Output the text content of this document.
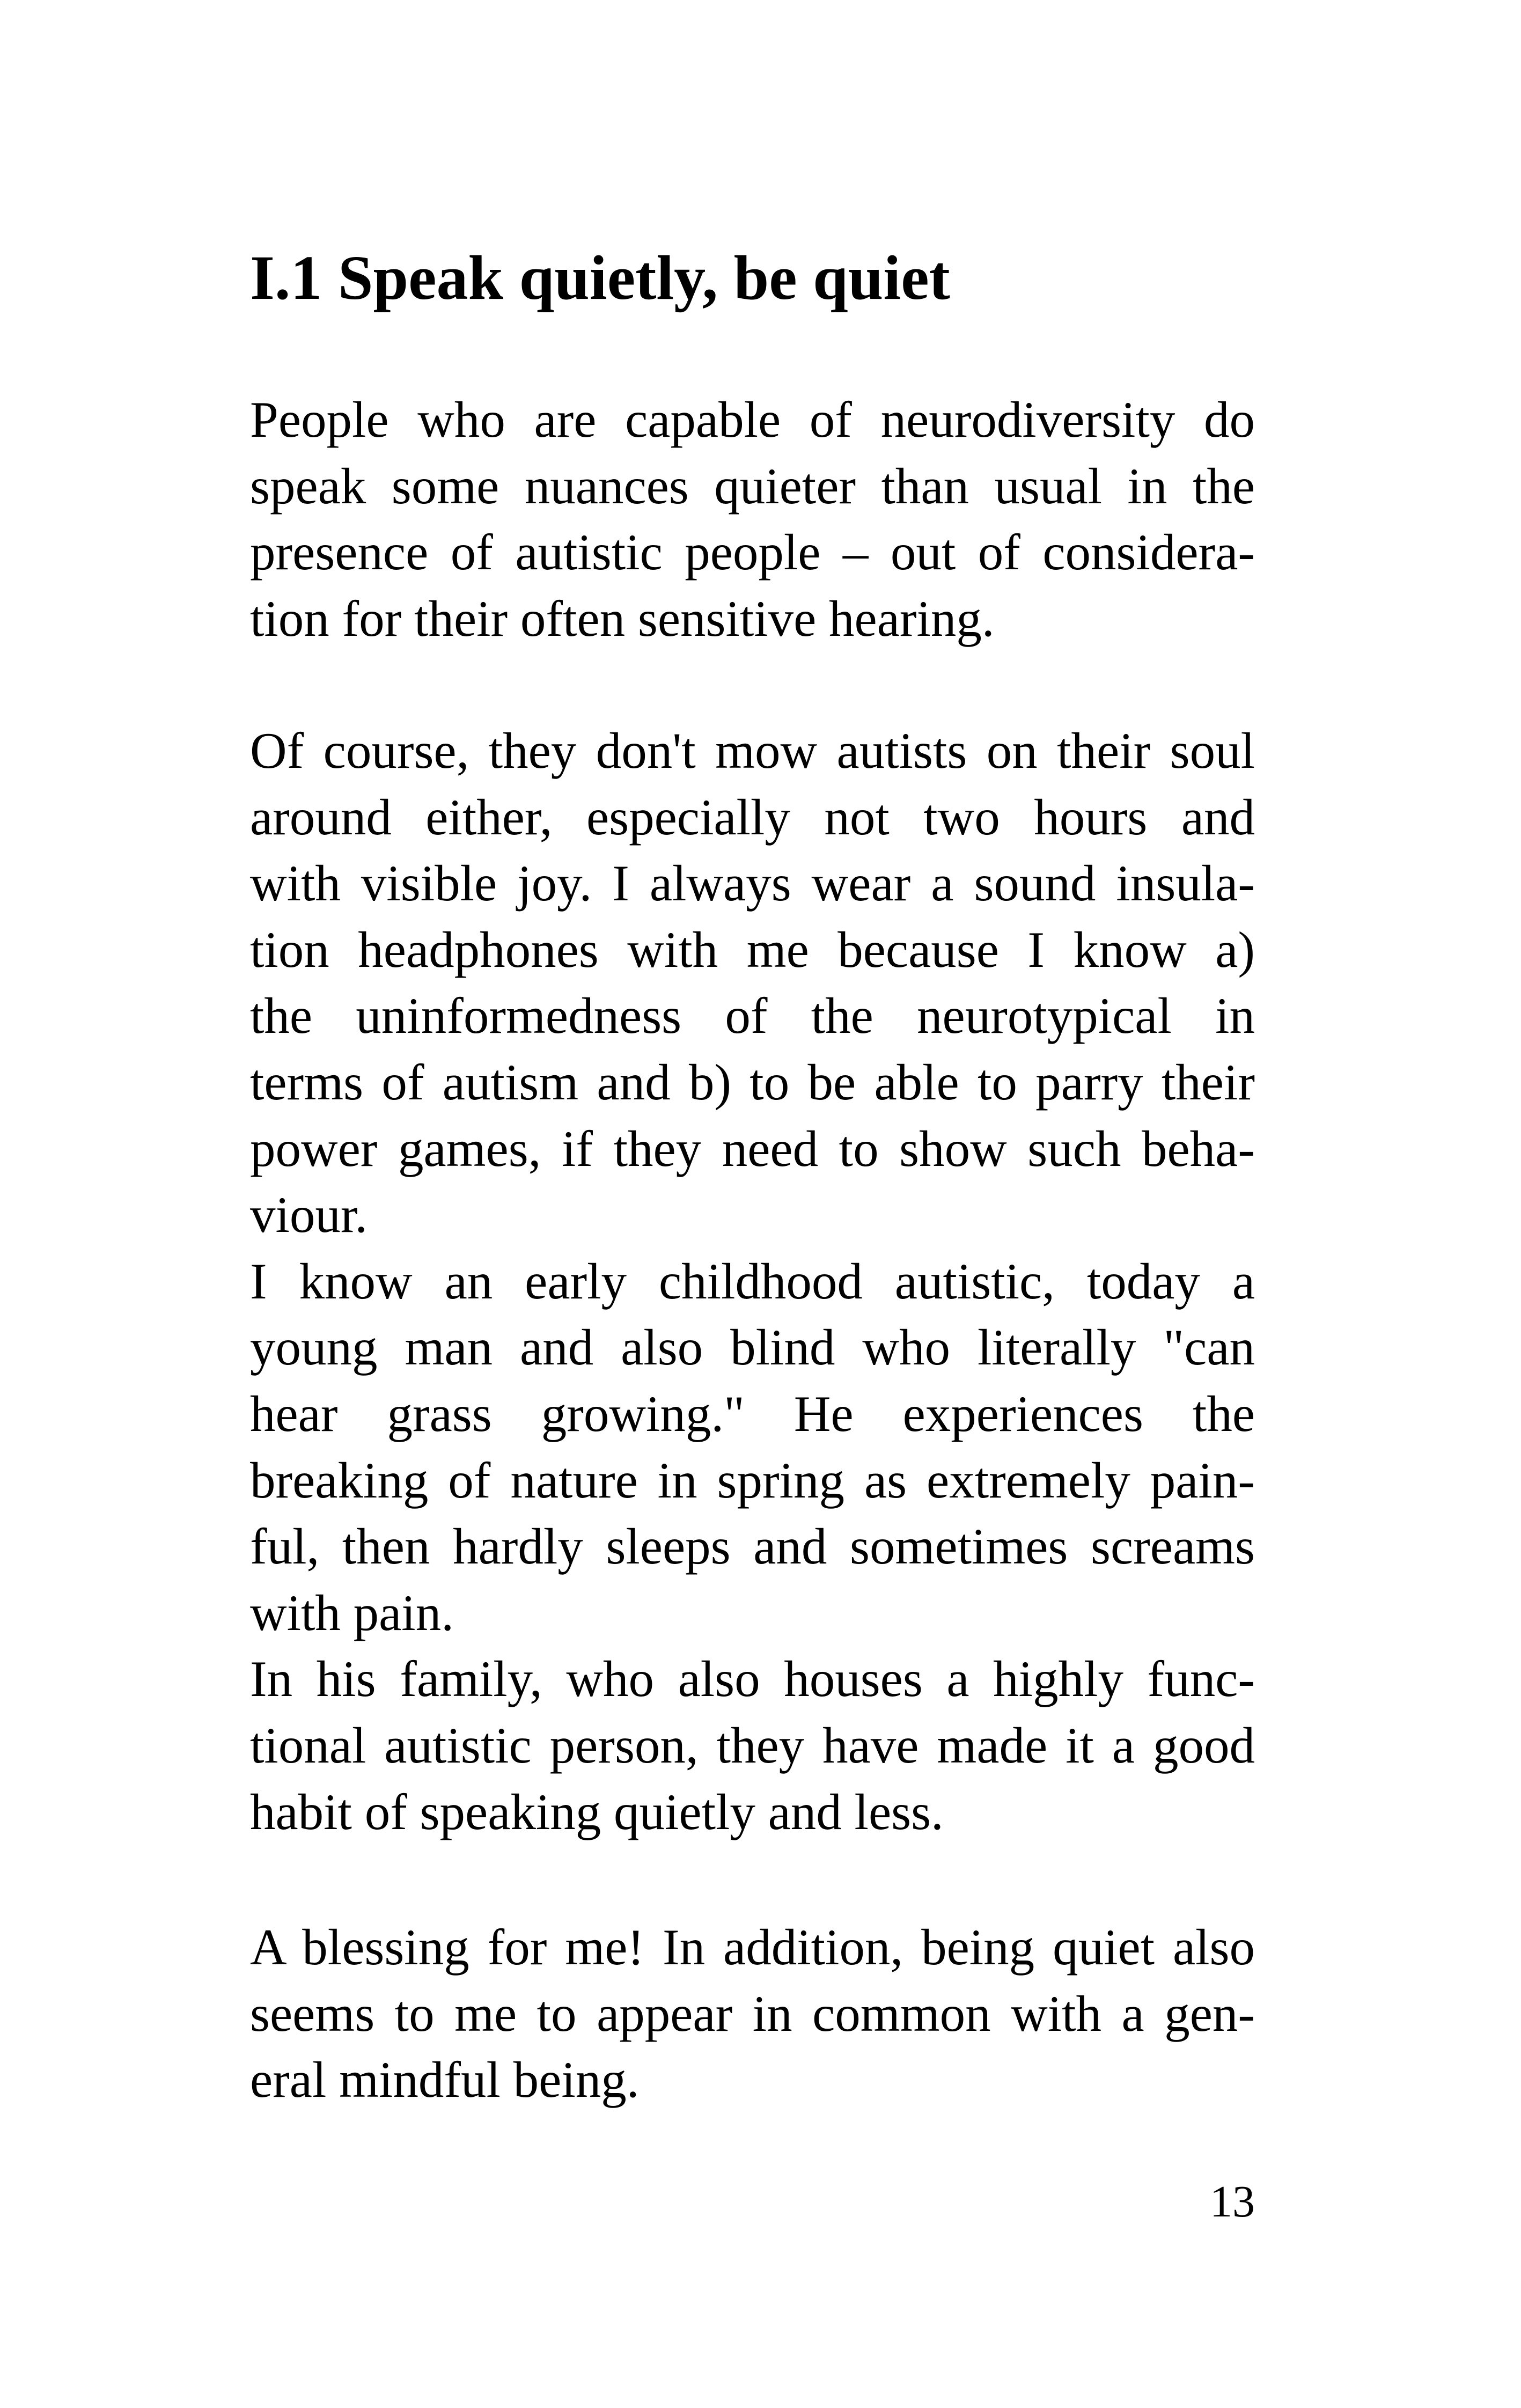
I.1 Speak quietly, be quiet
People who are capable of neurodiversity do
speak some nuances quieter than usual in the
presence of autistic people – out of considera-
tion for their often sensitive hearing.
Of course, they don't mow autists on their soul
around either, especially not two hours and
with visible joy. I always wear a sound insula-
tion headphones with me because I know a)
the uninformedness of the neurotypical in
terms of autism and b) to be able to parry their
power games, if they need to show such beha-
viour.
I know an early childhood autistic, today a
young man and also blind who literally "can
hear grass growing." He experiences the
breaking of nature in spring as extremely pain-
ful, then hardly sleeps and sometimes screams
with pain.
In his family, who also houses a highly func-
tional autistic person, they have made it a good
habit of speaking quietly and less.
A blessing for me! In addition, being quiet also
seems to me to appear in common with a gen-
eral mindful being.
13
